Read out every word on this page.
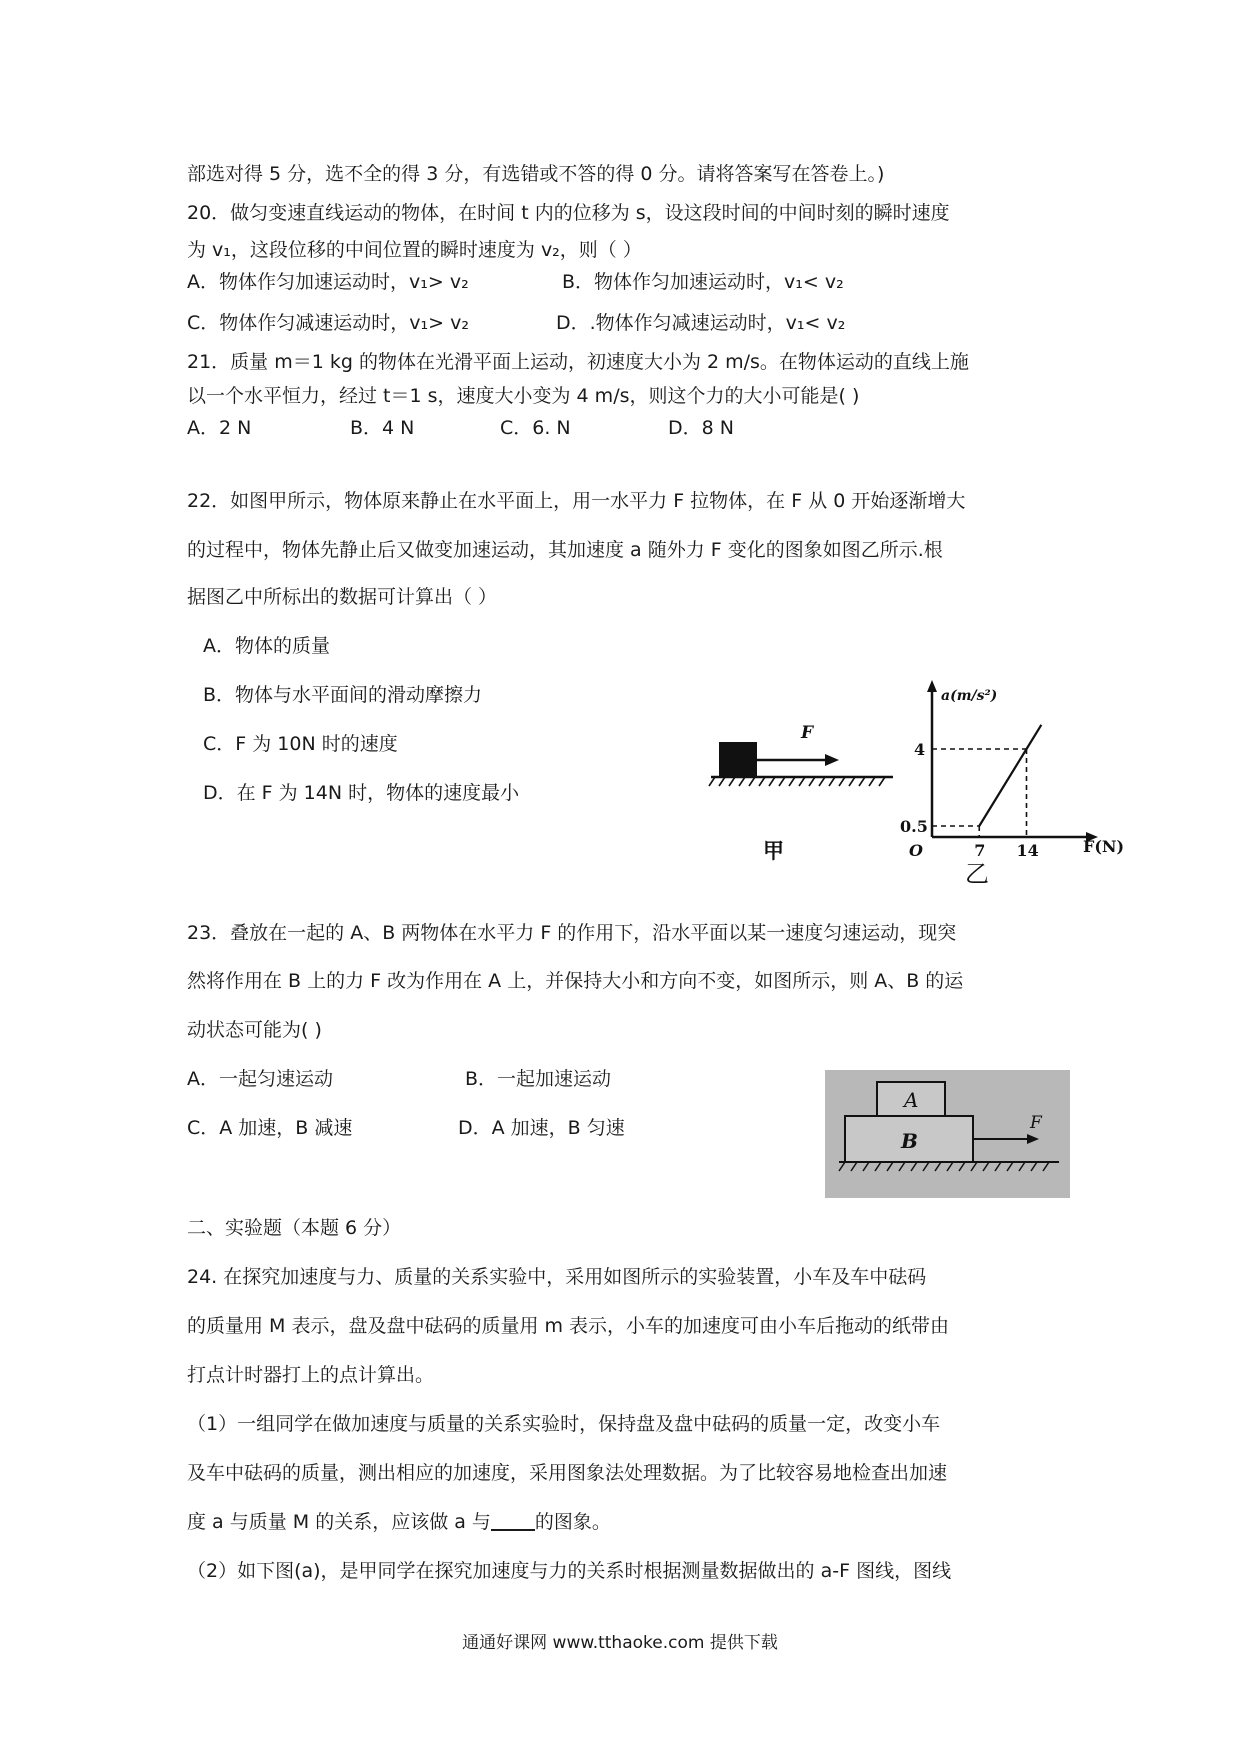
部选对得 5 分，选不全的得 3 分，有选错或不答的得 0 分。请将答案写在答卷上。)
20．做匀变速直线运动的物体，在时间 t 内的位移为 s，设这段时间的中间时刻的瞬时速度
为 v₁，这段位移的中间位置的瞬时速度为 v₂，则（ ）
A．物体作匀加速运动时，v₁> v₂	B．物体作匀加速运动时，v₁< v₂
C．物体作匀减速运动时，v₁> v₂	D．.物体作匀减速运动时，v₁< v₂
21．质量 m＝1 kg 的物体在光滑平面上运动，初速度大小为 2 m/s。在物体运动的直线上施
以一个水平恒力，经过 t＝1 s，速度大小变为 4 m/s，则这个力的大小可能是( )
A．2 N	B．4 N	C．6. N	D．8 N
22．如图甲所示，物体原来静止在水平面上，用一水平力 F 拉物体，在 F 从 0 开始逐渐增大
的过程中，物体先静止后又做变加速运动，其加速度 a 随外力 F 变化的图象如图乙所示.根
据图乙中所标出的数据可计算出（ ）
A．物体的质量
B．物体与水平面间的滑动摩擦力
C．F 为 10N 时的速度
D．在 F 为 14N 时，物体的速度最小
F
甲
a(m/s²)
F(N)
O
0.5
4
7 14
乙
23．叠放在一起的 A、B 两物体在水平力 F 的作用下，沿水平面以某一速度匀速运动，现突
然将作用在 B 上的力 F 改为作用在 A 上，并保持大小和方向不变，如图所示，则 A、B 的运
动状态可能为( )
A．一起匀速运动	B．一起加速运动
C．A 加速，B 减速	D．A 加速，B 匀速
A
B
F
二、实验题（本题 6 分）
24. 在探究加速度与力、质量的关系实验中，采用如图所示的实验装置，小车及车中砝码
的质量用 M 表示，盘及盘中砝码的质量用 m 表示，小车的加速度可由小车后拖动的纸带由
打点计时器打上的点计算出。
（1）一组同学在做加速度与质量的关系实验时，保持盘及盘中砝码的质量一定，改变小车
及车中砝码的质量，测出相应的加速度，采用图象法处理数据。为了比较容易地检查出加速
度 a 与质量 M 的关系，应该做 a 与 的图象。
（2）如下图(a)，是甲同学在探究加速度与力的关系时根据测量数据做出的 a-F 图线，图线
通通好课网 www.tthaoke.com 提供下载
